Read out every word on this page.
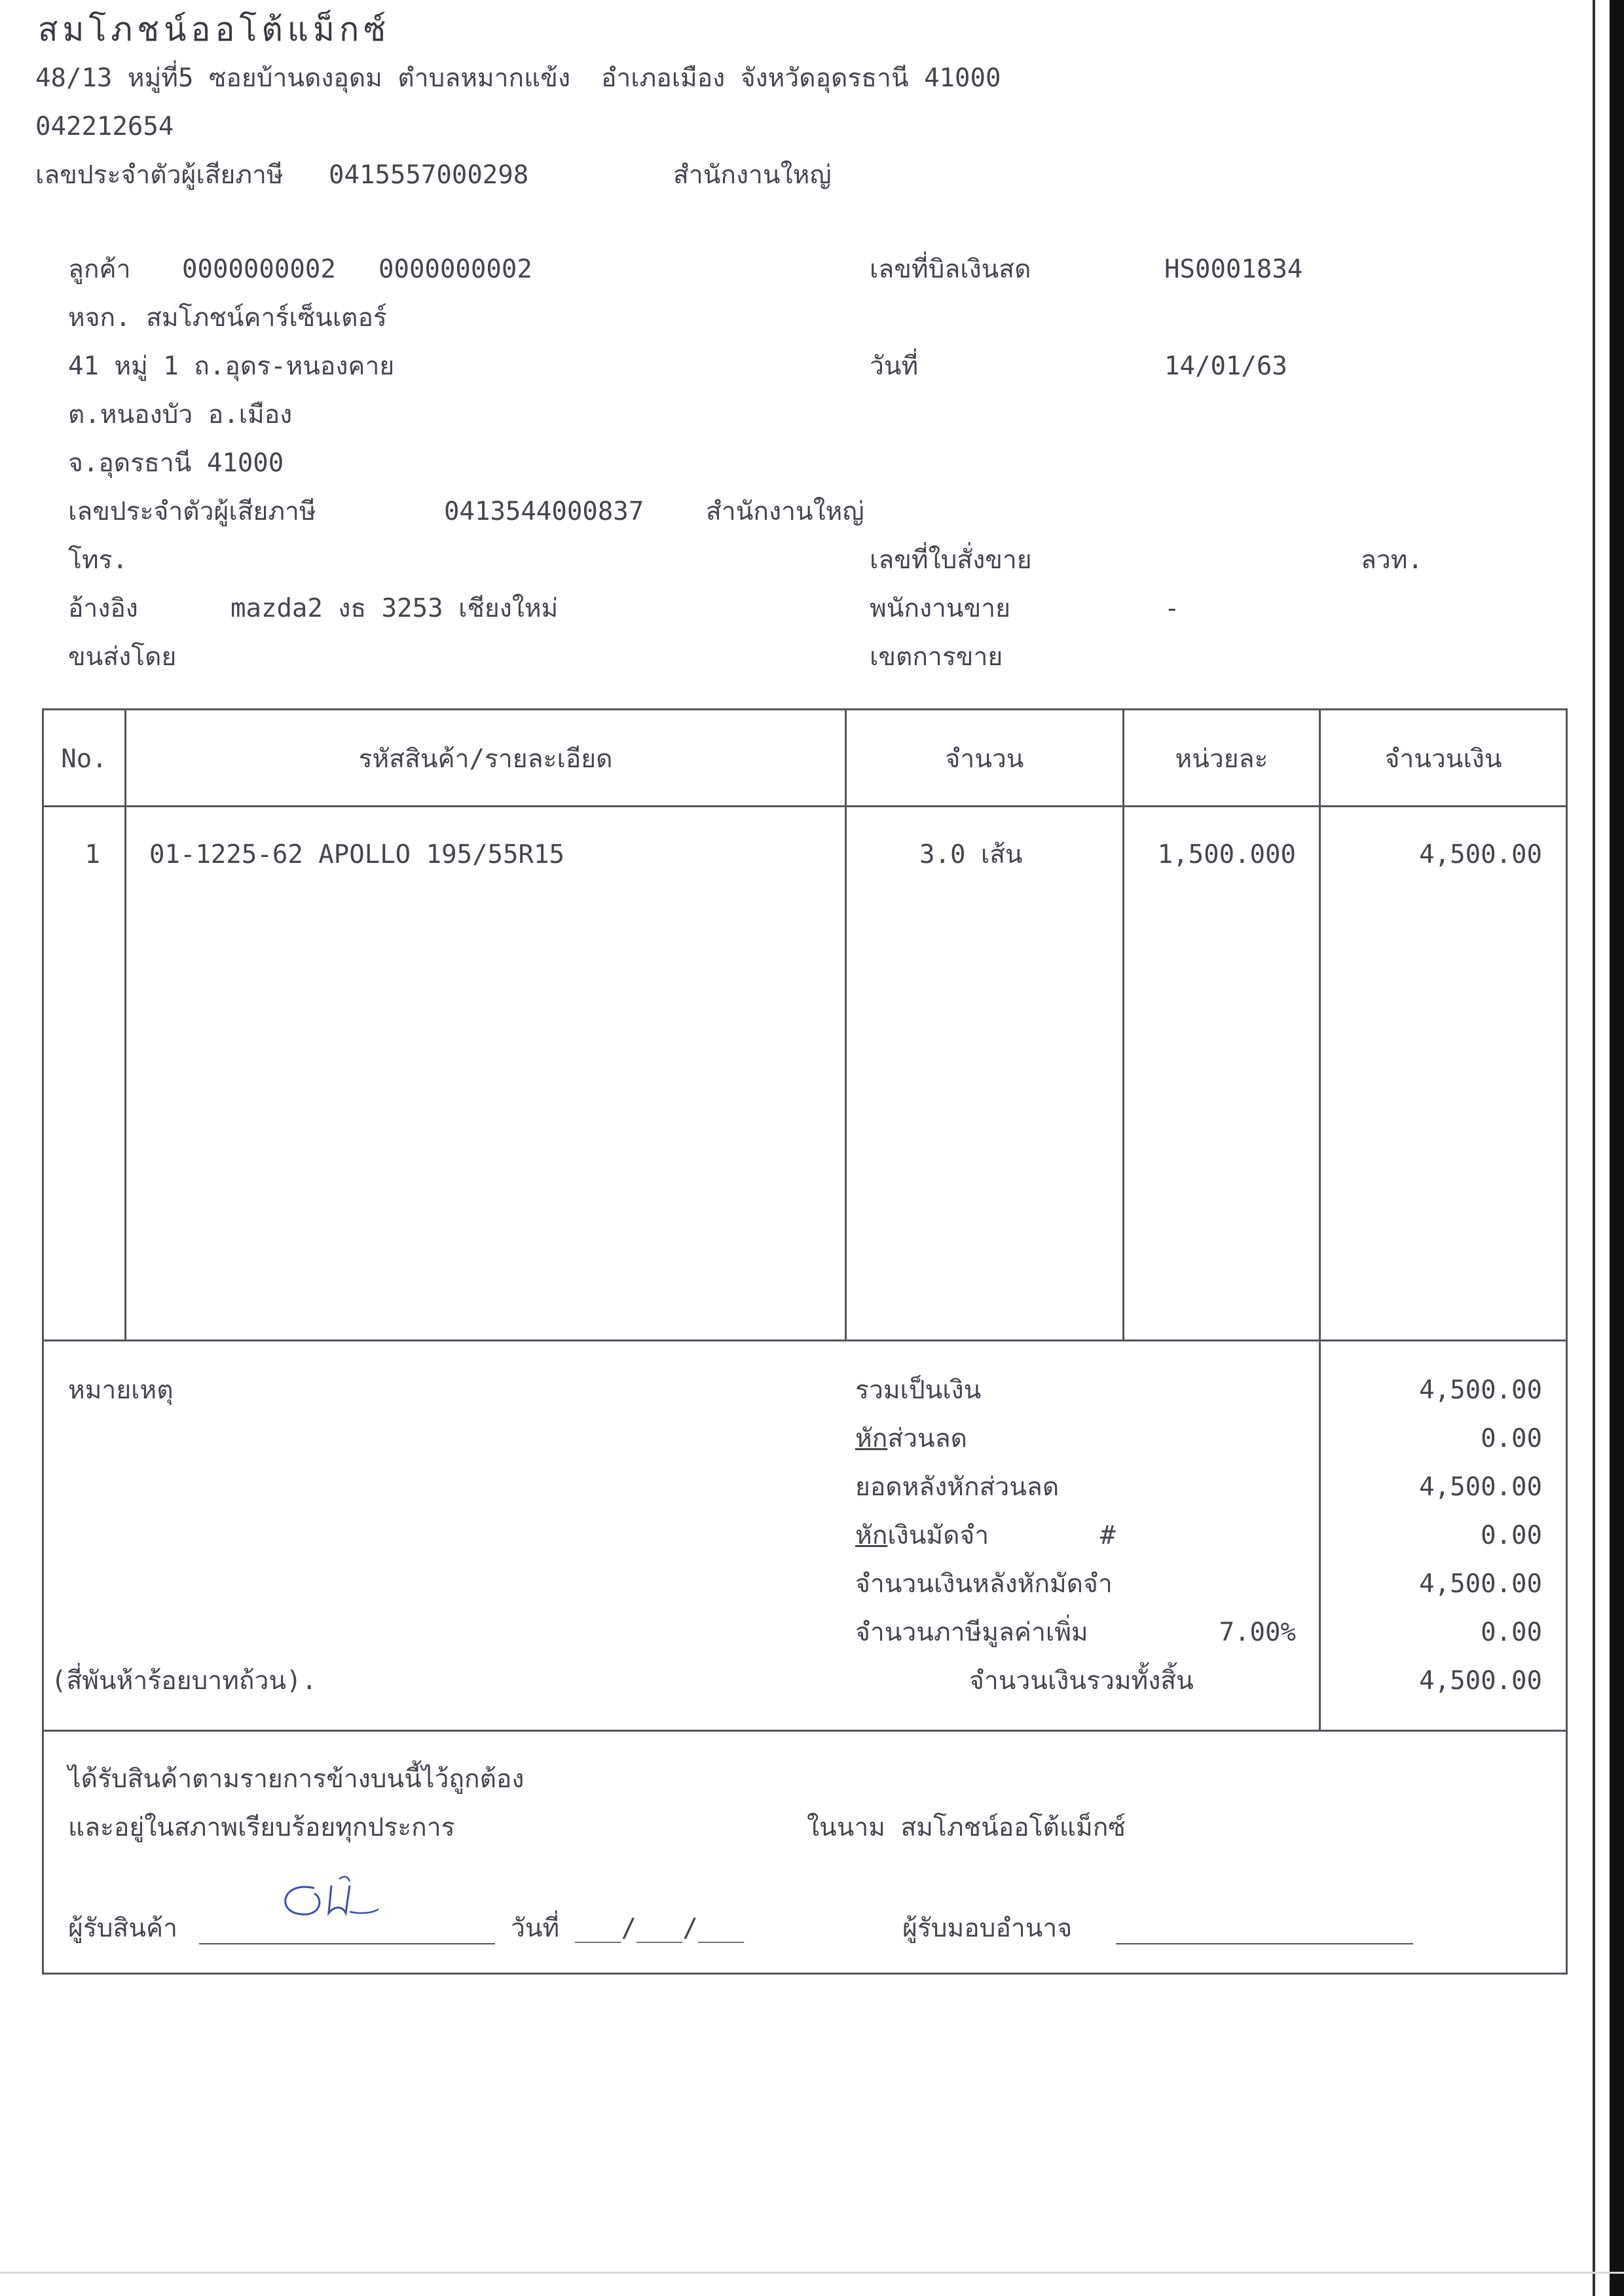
สมโภชน์ออโต้แม็กซ์
48/13 หมู่ที่5 ซอยบ้านดงอุดม ตำบลหมากแข้ง  อำเภอเมือง จังหวัดอุดรธานี 41000
042212654
เลขประจำตัวผู้เสียภาษี 0415557000298	สำนักงานใหญ่
ลูกค้า 0000000002 0000000002
หจก. สมโภชน์คาร์เซ็นเตอร์
41 หมู่ 1 ถ.อุดร-หนองคาย
ต.หนองบัว อ.เมือง
จ.อุดรธานี 41000
เลขประจำตัวผู้เสียภาษี	0413544000837 สำนักงานใหญ่
โทร.
อ้างอิง	mazda2 งธ 3253 เชียงใหม่
ขนส่งโดย
เลขที่บิลเงินสด	HS0001834
วันที่	14/01/63
เลขที่ใบสั่งขาย	ลวท.
พนักงานขาย	-
เขตการขาย
No.	รหัสสินค้า/รายละเอียด	จำนวน	หน่วยละ	จำนวนเงิน
1 01-1225-62 APOLLO 195/55R15	3.0 เส้น	1,500.000	4,500.00
หมายเหตุ	รวมเป็นเงิน	4,500.00
หักส่วนลด	0.00
ยอดหลังหักส่วนลด	4,500.00
หักเงินมัดจำ	#	0.00
จำนวนเงินหลังหักมัดจำ	4,500.00
จำนวนภาษีมูลค่าเพิ่ม	7.00%	0.00
(สี่พันห้าร้อยบาทถ้วน).	จำนวนเงินรวมทั้งสิ้น	4,500.00
ได้รับสินค้าตามรายการข้างบนนี้ไว้ถูกต้อง
และอยู่ในสภาพเรียบร้อยทุกประการ	ในนาม สมโภชน์ออโต้แม็กซ์
ผู้รับสินค้า	วันที่ ___/___/___	ผู้รับมอบอำนาจ
